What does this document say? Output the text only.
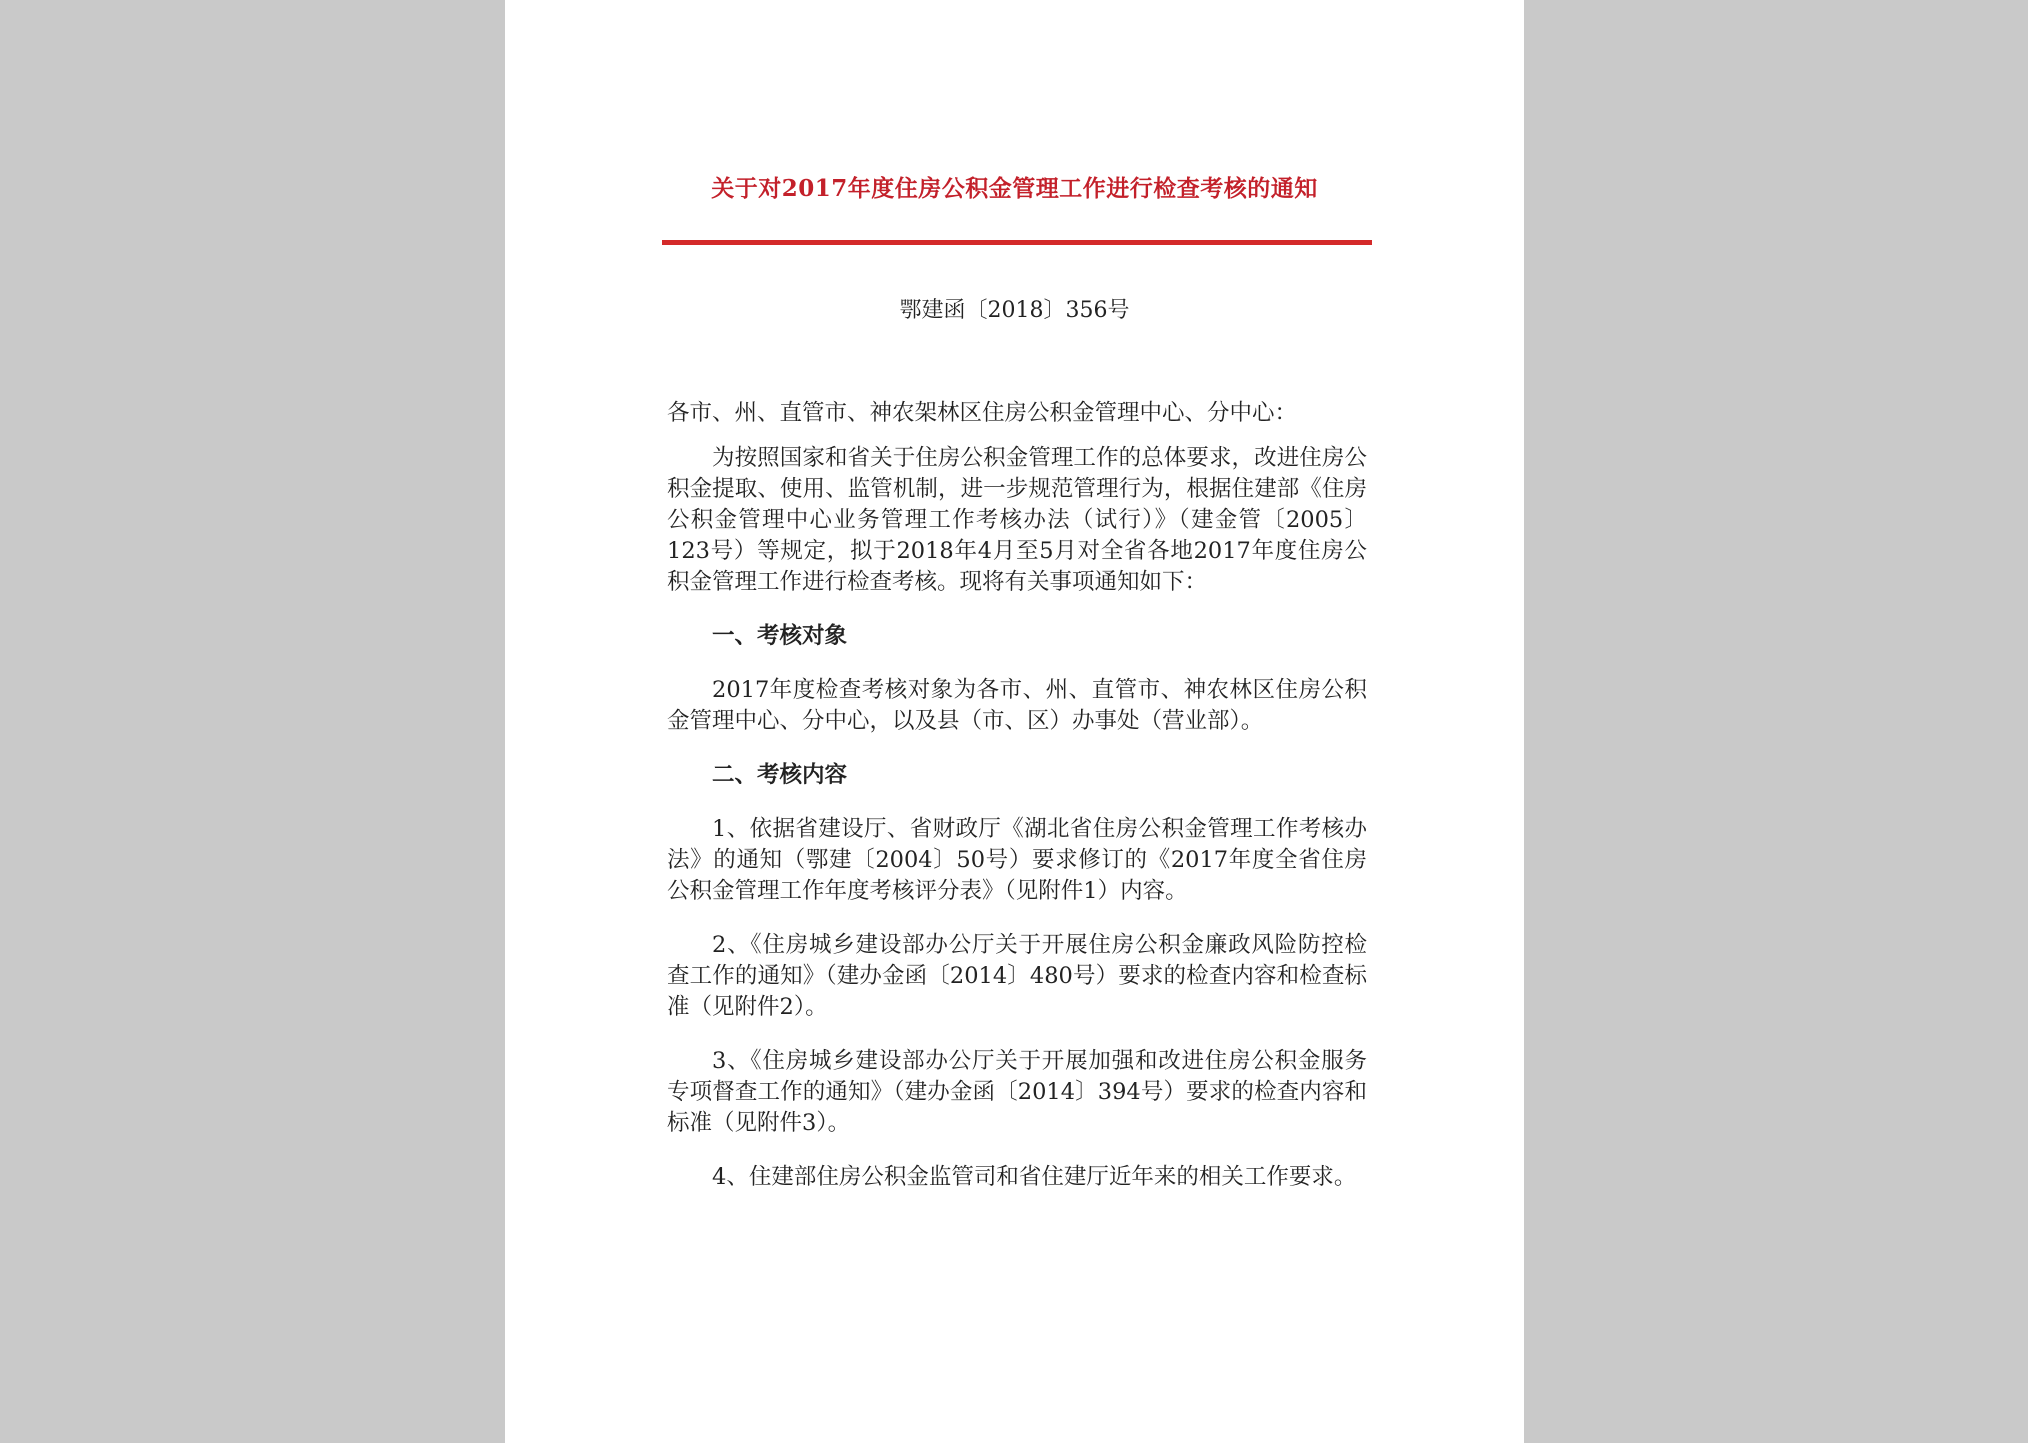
关于对2017年度住房公积金管理工作进行检查考核的通知
鄂建函〔2018〕356号

各市、州、直管市、神农架林区住房公积金管理中心、分中心：

为按照国家和省关于住房公积金管理工作的总体要求，改进住房公积金提取、使用、监管机制，进一步规范管理行为，根据住建部《住房公积金管理中心业务管理工作考核办法（试行）》（建金管〔2005〕123号）等规定，拟于2018年4月至5月对全省各地2017年度住房公积金管理工作进行检查考核。现将有关事项通知如下：

一、考核对象

2017年度检查考核对象为各市、州、直管市、神农林区住房公积金管理中心、分中心，以及县（市、区）办事处（营业部）。

二、考核内容

1、依据省建设厅、省财政厅《湖北省住房公积金管理工作考核办法》的通知（鄂建〔2004〕50号）要求修订的《2017年度全省住房公积金管理工作年度考核评分表》（见附件1）内容。

2、《住房城乡建设部办公厅关于开展住房公积金廉政风险防控检查工作的通知》（建办金函〔2014〕480号）要求的检查内容和检查标准（见附件2）。

3、《住房城乡建设部办公厅关于开展加强和改进住房公积金服务专项督查工作的通知》（建办金函〔2014〕394号）要求的检查内容和标准（见附件3）。

4、住建部住房公积金监管司和省住建厅近年来的相关工作要求。
